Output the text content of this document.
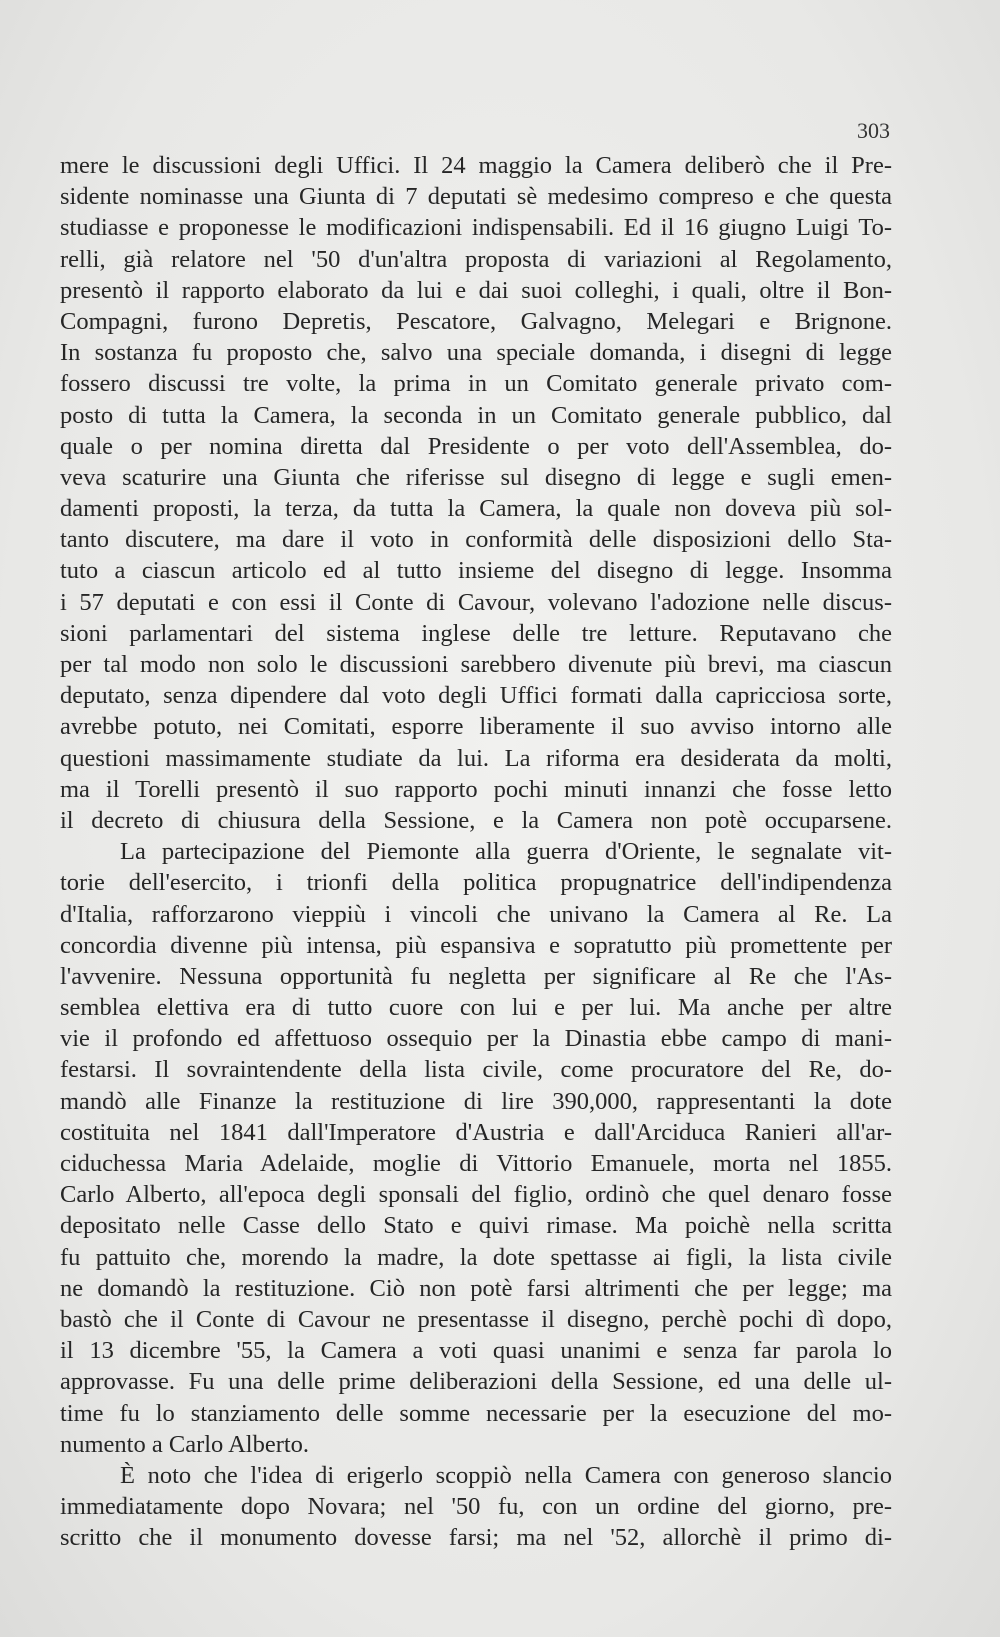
303
mere le discussioni degli Uffici. Il 24 maggio la Camera deliberò che il Pre-
sidente nominasse una Giunta di 7 deputati sè medesimo compreso e che questa
studiasse e proponesse le modificazioni indispensabili. Ed il 16 giugno Luigi To-
relli, già relatore nel '50 d'un'altra proposta di variazioni al Regolamento,
presentò il rapporto elaborato da lui e dai suoi colleghi, i quali, oltre il Bon-
Compagni, furono Depretis, Pescatore, Galvagno, Melegari e Brignone.
In sostanza fu proposto che, salvo una speciale domanda, i disegni di legge
fossero discussi tre volte, la prima in un Comitato generale privato com-
posto di tutta la Camera, la seconda in un Comitato generale pubblico, dal
quale o per nomina diretta dal Presidente o per voto dell'Assemblea, do-
veva scaturire una Giunta che riferisse sul disegno di legge e sugli emen-
damenti proposti, la terza, da tutta la Camera, la quale non doveva più sol-
tanto discutere, ma dare il voto in conformità delle disposizioni dello Sta-
tuto a ciascun articolo ed al tutto insieme del disegno di legge. Insomma
i 57 deputati e con essi il Conte di Cavour, volevano l'adozione nelle discus-
sioni parlamentari del sistema inglese delle tre letture. Reputavano che
per tal modo non solo le discussioni sarebbero divenute più brevi, ma ciascun
deputato, senza dipendere dal voto degli Uffici formati dalla capricciosa sorte,
avrebbe potuto, nei Comitati, esporre liberamente il suo avviso intorno alle
questioni massimamente studiate da lui. La riforma era desiderata da molti,
ma il Torelli presentò il suo rapporto pochi minuti innanzi che fosse letto
il decreto di chiusura della Sessione, e la Camera non potè occuparsene.
La partecipazione del Piemonte alla guerra d'Oriente, le segnalate vit-
torie dell'esercito, i trionfi della politica propugnatrice dell'indipendenza
d'Italia, rafforzarono vieppiù i vincoli che univano la Camera al Re. La
concordia divenne più intensa, più espansiva e sopratutto più promettente per
l'avvenire. Nessuna opportunità fu negletta per significare al Re che l'As-
semblea elettiva era di tutto cuore con lui e per lui. Ma anche per altre
vie il profondo ed affettuoso ossequio per la Dinastia ebbe campo di mani-
festarsi. Il sovraintendente della lista civile, come procuratore del Re, do-
mandò alle Finanze la restituzione di lire 390,000, rappresentanti la dote
costituita nel 1841 dall'Imperatore d'Austria e dall'Arciduca Ranieri all'ar-
ciduchessa Maria Adelaide, moglie di Vittorio Emanuele, morta nel 1855.
Carlo Alberto, all'epoca degli sponsali del figlio, ordinò che quel denaro fosse
depositato nelle Casse dello Stato e quivi rimase. Ma poichè nella scritta
fu pattuito che, morendo la madre, la dote spettasse ai figli, la lista civile
ne domandò la restituzione. Ciò non potè farsi altrimenti che per legge; ma
bastò che il Conte di Cavour ne presentasse il disegno, perchè pochi dì dopo,
il 13 dicembre '55, la Camera a voti quasi unanimi e senza far parola lo
approvasse. Fu una delle prime deliberazioni della Sessione, ed una delle ul-
time fu lo stanziamento delle somme necessarie per la esecuzione del mo-
numento a Carlo Alberto.
È noto che l'idea di erigerlo scoppiò nella Camera con generoso slancio
immediatamente dopo Novara; nel '50 fu, con un ordine del giorno, pre-
scritto che il monumento dovesse farsi; ma nel '52, allorchè il primo di-
